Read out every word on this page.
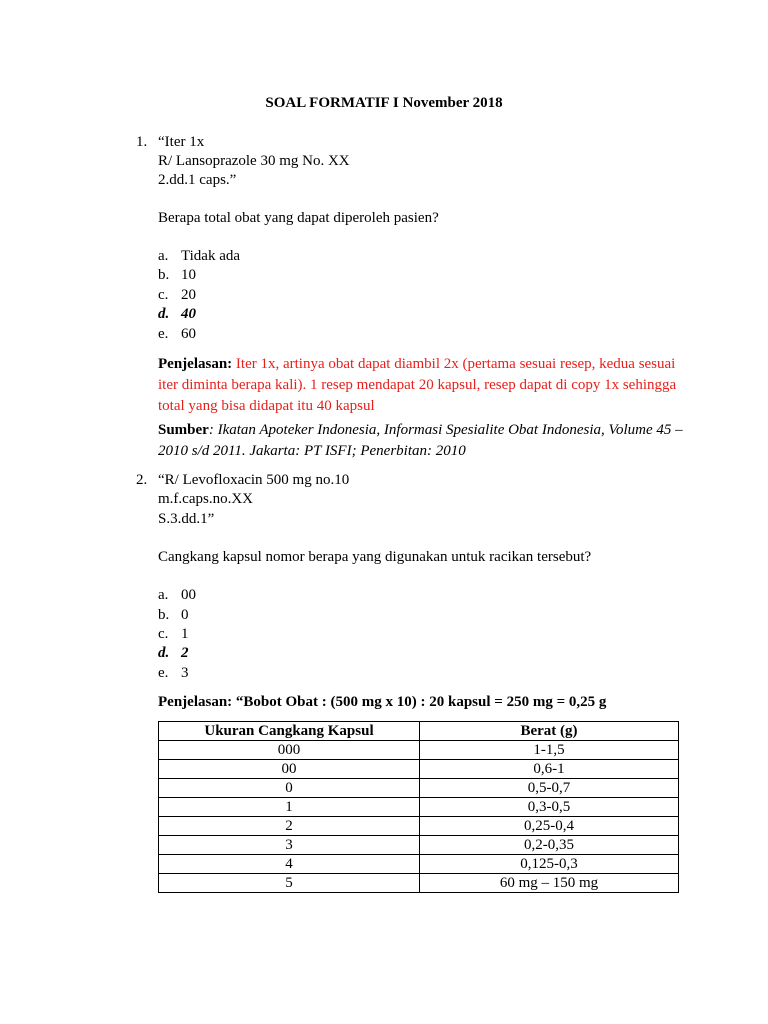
SOAL FORMATIF I November 2018
1. “Iter 1x
R/ Lansoprazole 30 mg No. XX
2.dd.1 caps.”
Berapa total obat yang dapat diperoleh pasien?
a. Tidak ada
b. 10
c. 20
d. 40
e. 60
Penjelasan: Iter 1x, artinya obat dapat diambil 2x (pertama sesuai resep, kedua sesuai iter diminta berapa kali). 1 resep mendapat 20 kapsul, resep dapat di copy 1x sehingga total yang bisa didapat itu 40 kapsul
Sumber: Ikatan Apoteker Indonesia, Informasi Spesialite Obat Indonesia, Volume 45 – 2010 s/d 2011. Jakarta: PT ISFI; Penerbitan: 2010
2. “R/ Levofloxacin 500 mg no.10
m.f.caps.no.XX
S.3.dd.1”
Cangkang kapsul nomor berapa yang digunakan untuk racikan tersebut?
a. 00
b. 0
c. 1
d. 2
e. 3
Penjelasan: “Bobot Obat : (500 mg x 10) : 20 kapsul = 250 mg = 0,25 g
Ukuran Cangkang Kapsul	Berat (g)
000	1-1,5
00	0,6-1
0	0,5-0,7
1	0,3-0,5
2	0,25-0,4
3	0,2-0,35
4	0,125-0,3
5	60 mg – 150 mg
